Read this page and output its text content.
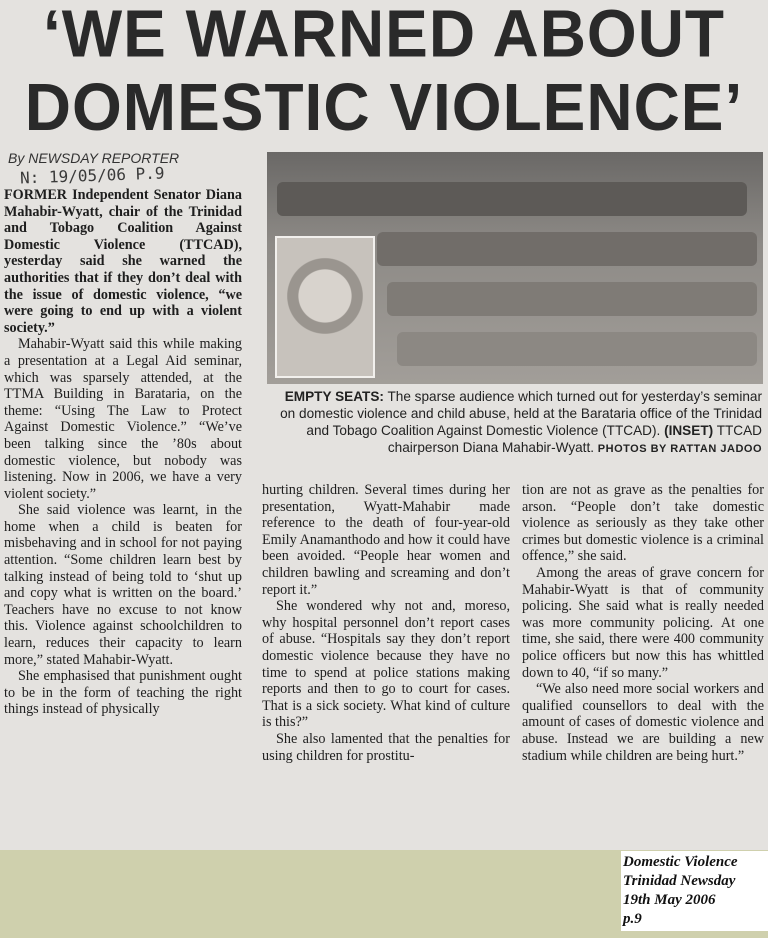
‘WE WARNED ABOUT
DOMESTIC VIOLENCE’
By NEWSDAY REPORTER
N: 19/05/06 P.9

FORMER Independent Senator Diana Mahabir-Wyatt, chair of the Trinidad and Tobago Coalition Against Domestic Violence (TTCAD), yesterday said she warned the authorities that if they don’t deal with the issue of domestic violence, “we were going to end up with a violent society.”

Mahabir-Wyatt said this while making a presentation at a Legal Aid seminar, which was sparsely attended, at the TTMA Building in Barataria, on the theme: “Using The Law to Protect Against Domestic Violence.” “We’ve been talking since the ’80s about domestic violence, but nobody was listening. Now in 2006, we have a very violent society.”

She said violence was learnt, in the home when a child is beaten for misbehaving and in school for not paying attention. “Some children learn best by talking instead of being told to ‘shut up and copy what is written on the board.’ Teachers have no excuse to not know this. Violence against schoolchildren to learn, reduces their capacity to learn more,” stated Mahabir-Wyatt.

She emphasised that punishment ought to be in the form of teaching the right things instead of physically

EMPTY SEATS: The sparse audience which turned out for yesterday’s seminar on domestic violence and child abuse, held at the Barataria office of the Trinidad and Tobago Coalition Against Domestic Violence (TTCAD). (INSET) TTCAD chairperson Diana Mahabir-Wyatt. PHOTOS BY RATTAN JADOO

hurting children. Several times during her presentation, Wyatt-Mahabir made reference to the death of four-year-old Emily Anamanthodo and how it could have been avoided. “People hear women and children bawling and screaming and don’t report it.”

She wondered why not and, moreso, why hospital personnel don’t report cases of abuse. “Hospitals say they don’t report domestic violence because they have no time to spend at police stations making reports and then to go to court for cases. That is a sick society. What kind of culture is this?”

She also lamented that the penalties for using children for prostitu-

tion are not as grave as the penalties for arson. “People don’t take domestic violence as seriously as they take other crimes but domestic violence is a criminal offence,” she said.

Among the areas of grave concern for Mahabir-Wyatt is that of community policing. She said what is really needed was more community policing. At one time, she said, there were 400 community police officers but now this has whittled down to 40, “if so many.”

“We also need more social workers and qualified counsellors to deal with the amount of cases of domestic violence and abuse. Instead we are building a new stadium while children are being hurt.”

Domestic Violence
Trinidad Newsday
19th May 2006
p.9
